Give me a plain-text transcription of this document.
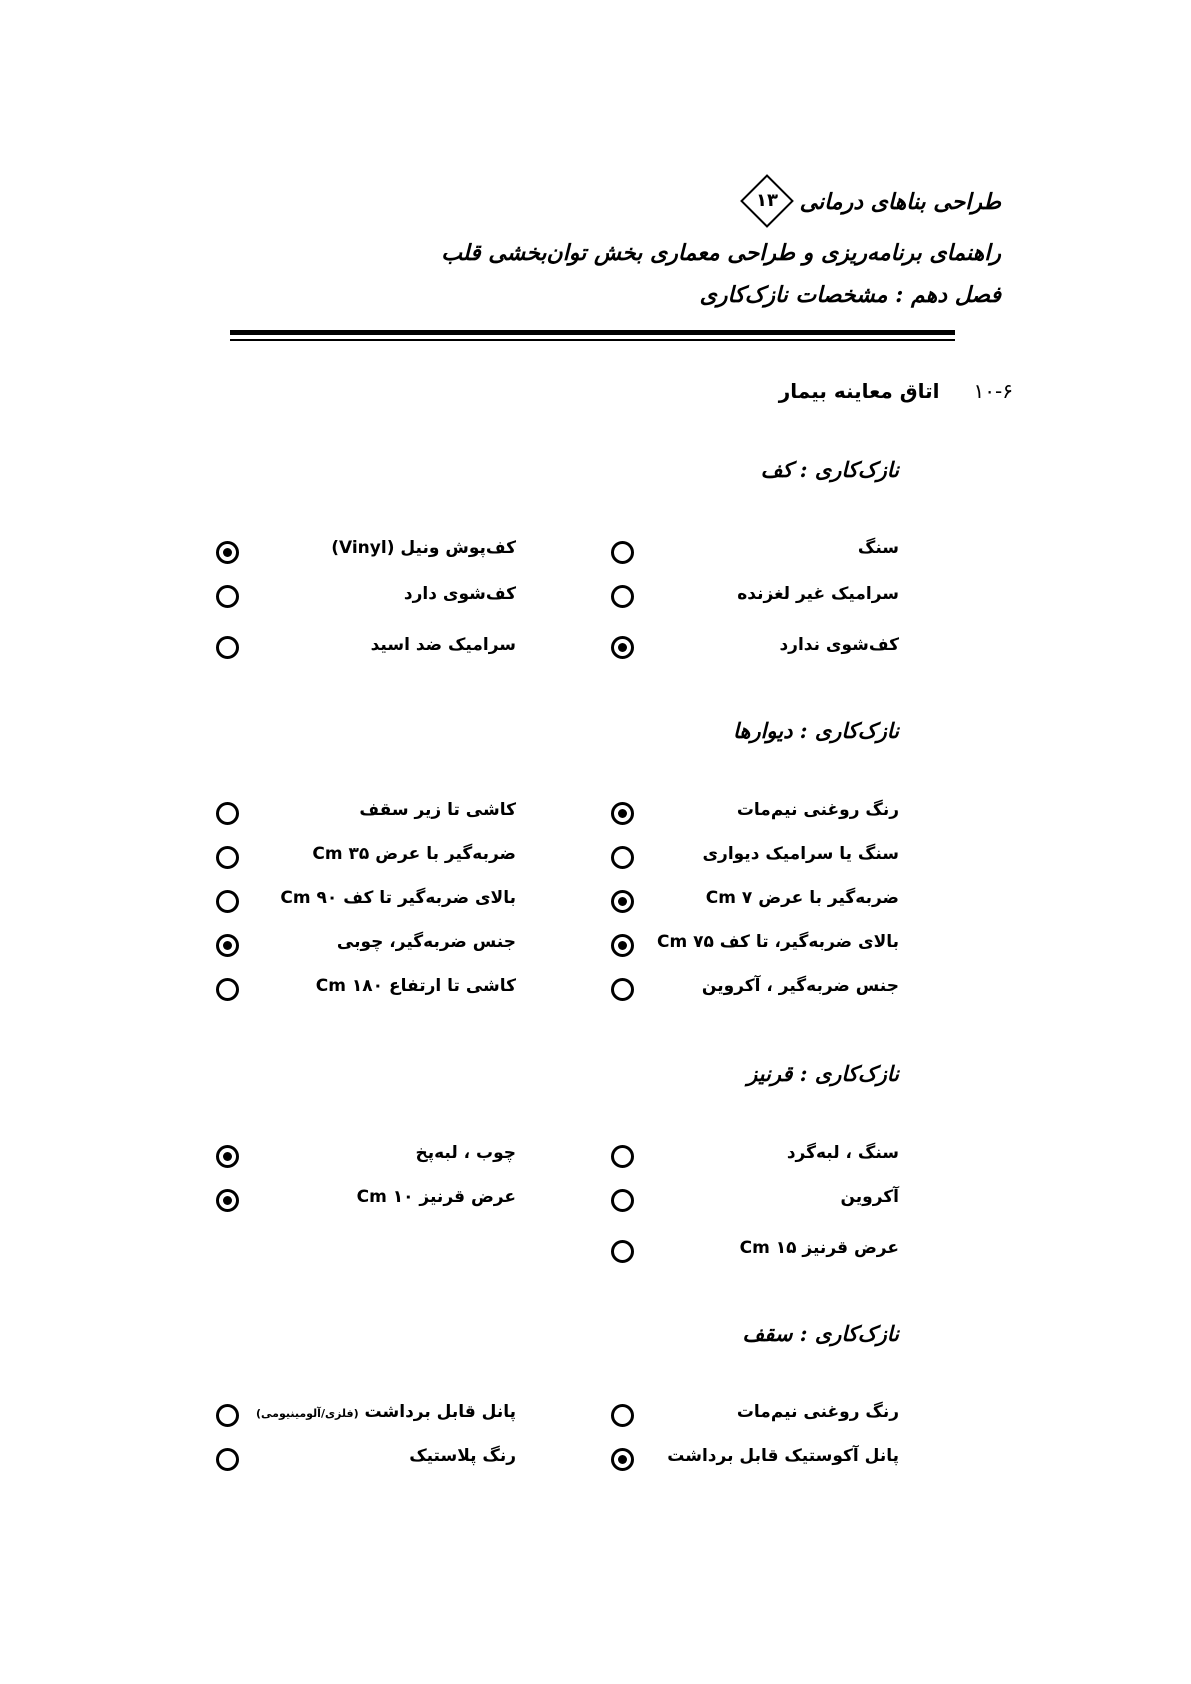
طراحی بناهای درمانی
۱۳
راهنمای برنامه‌ریزی و طراحی معماری بخش توان‌بخشی قلب
فصل دهم : مشخصات نازک‌کاری
۱۰-۶اتاق معاینه بیمار
نازک‌کاری : کف
سنگ
کف‌پوش ونیل (Vinyl)
سرامیک غیر لغزنده
کف‌شوی دارد
کف‌شوی ندارد
سرامیک ضد اسید
نازک‌کاری : دیوارها
رنگ روغنی نیم‌مات
کاشی تا زیر سقف
سنگ یا سرامیک دیواری
ضربه‌گیر با عرض ۳۵ Cm
ضربه‌گیر با عرض ۷ Cm
بالای ضربه‌گیر تا کف ۹۰ Cm
بالای ضربه‌گیر، تا کف ۷۵ Cm
جنس ضربه‌گیر، چوبی
جنس ضربه‌گیر ، آکروین
کاشی تا ارتفاع ۱۸۰ Cm
نازک‌کاری : قرنیز
سنگ ، لبه‌گرد
چوب ، لبه‌پخ
آکروین
عرض قرنیز ۱۰ Cm
عرض قرنیز ۱۵ Cm
نازک‌کاری : سقف
رنگ روغنی نیم‌مات
پانل قابل برداشت (فلزی/آلومینیومی)
پانل آکوستیک قابل برداشت
رنگ پلاستیک
